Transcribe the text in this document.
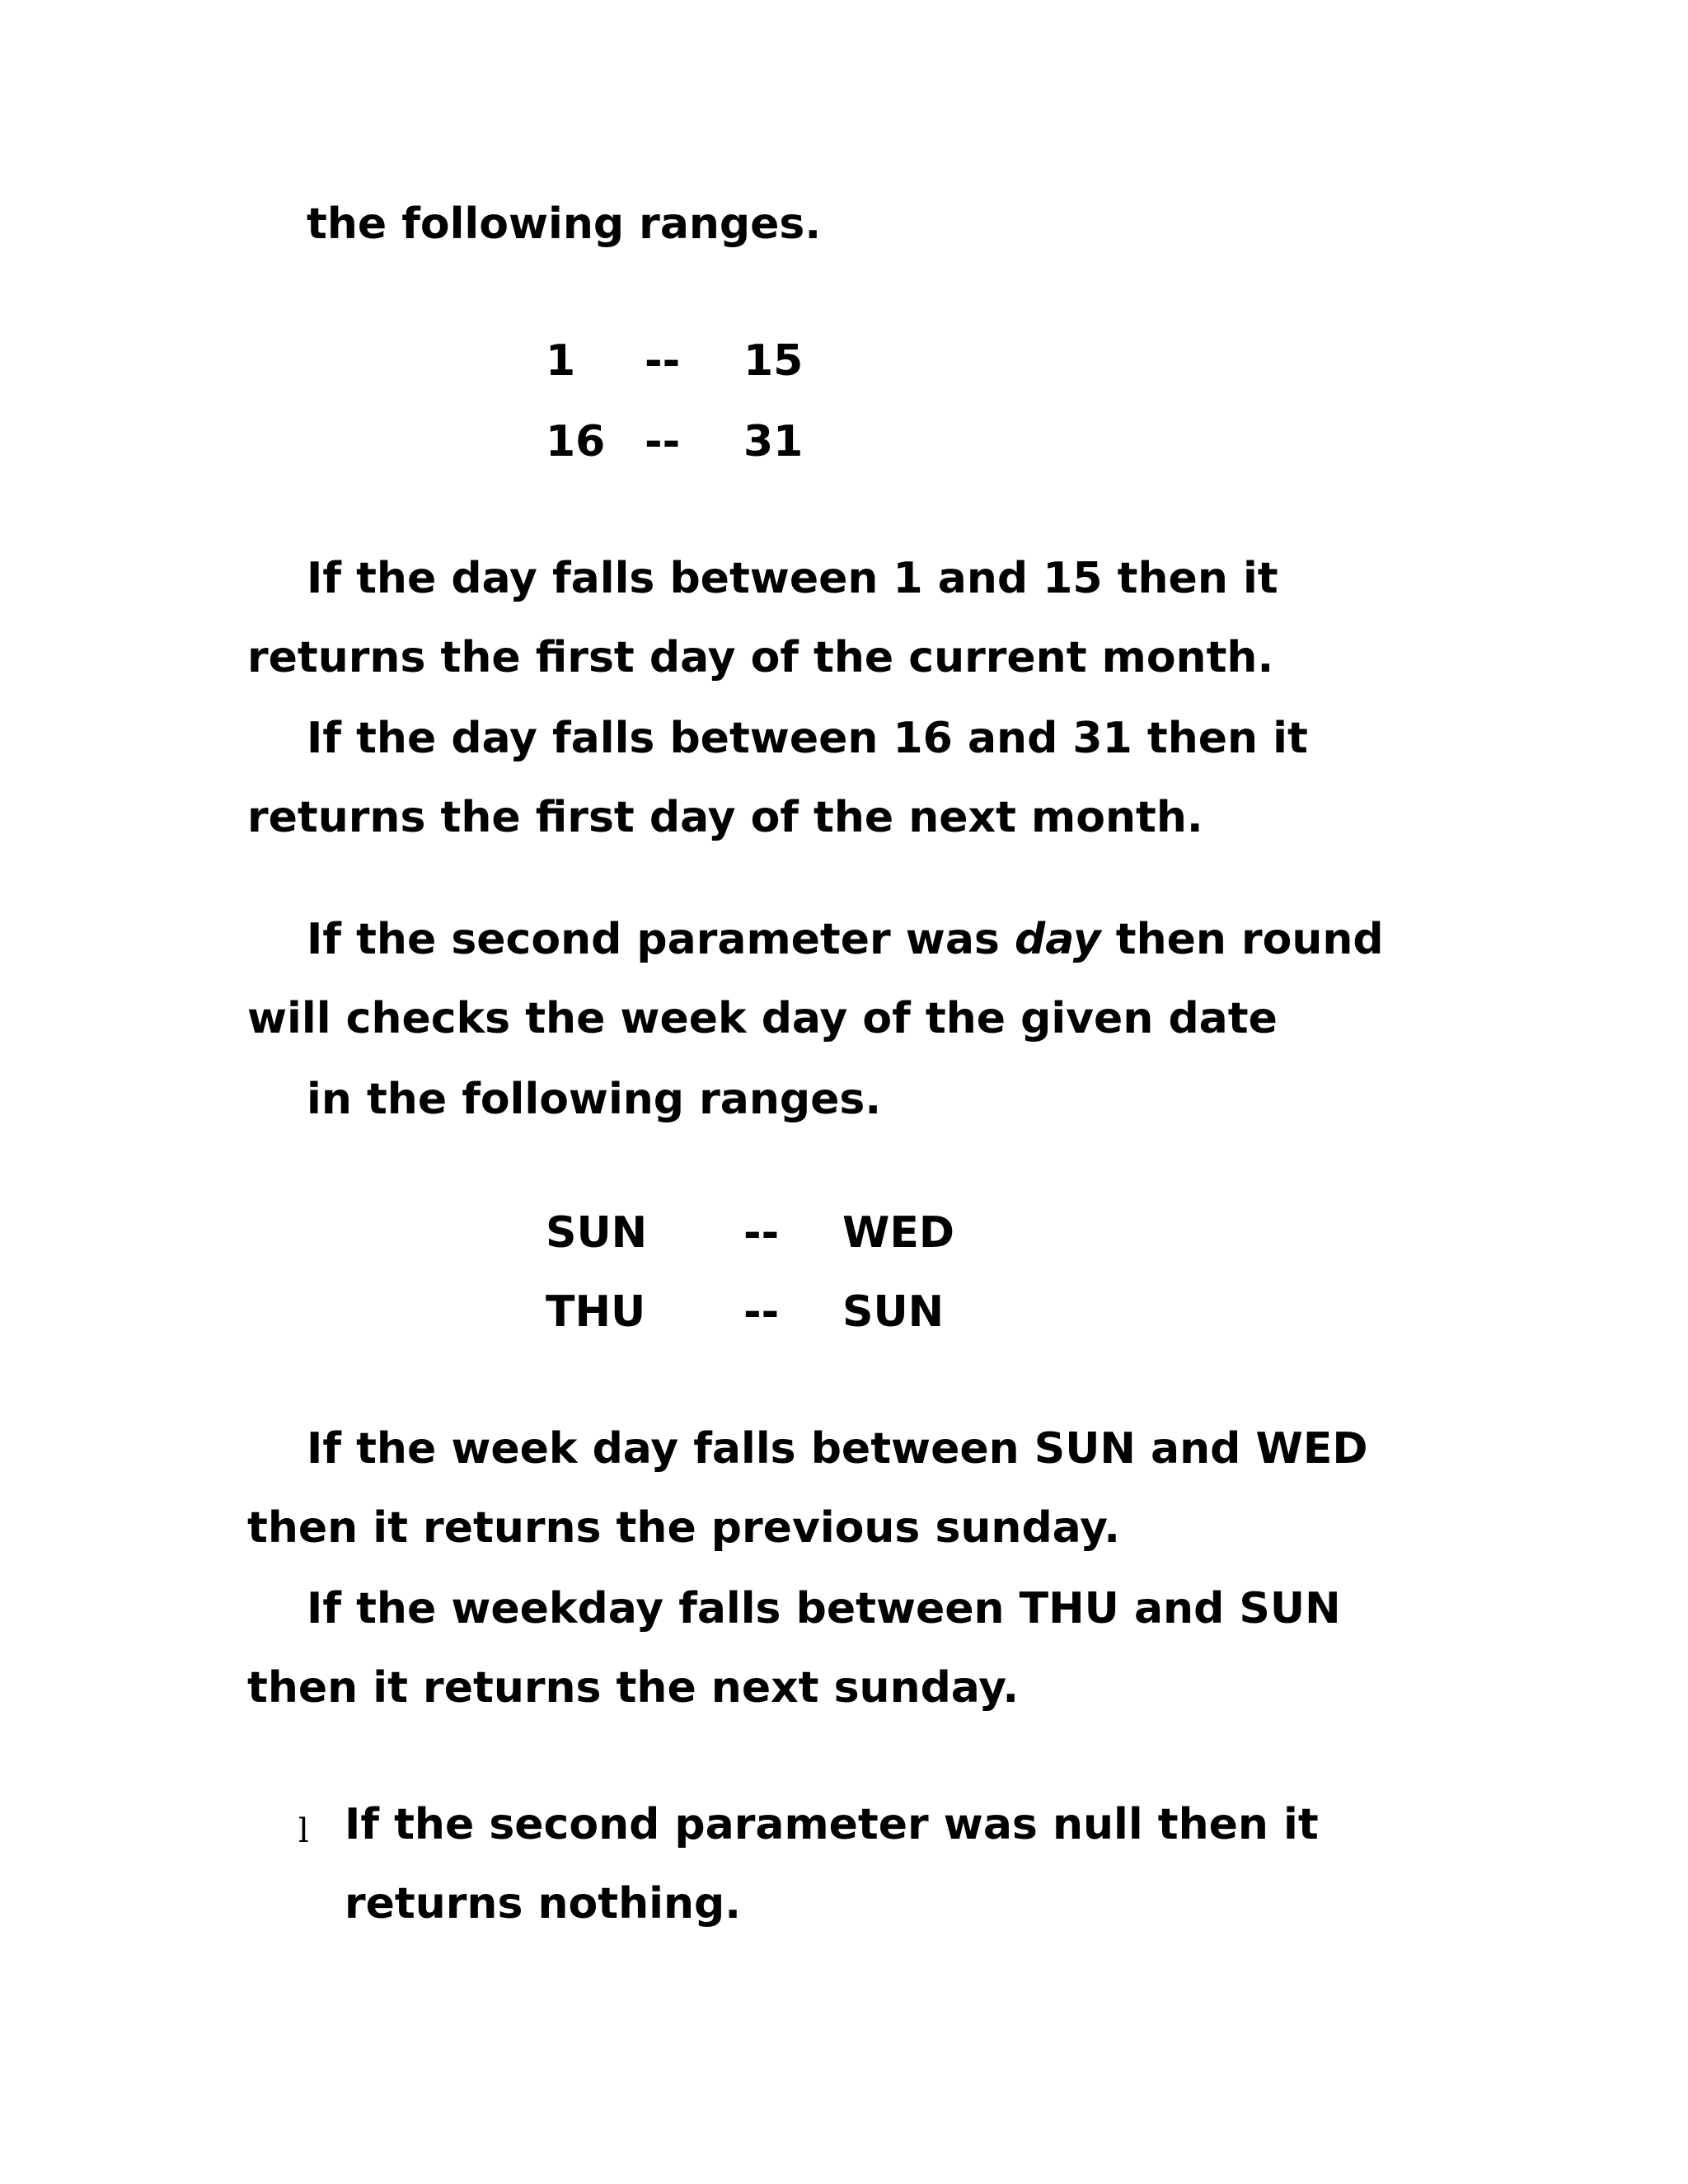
the following ranges.
1 -- 15
16 -- 31
If the day falls between 1 and 15 then it
returns the first day of the current month.
If the day falls between 16 and 31 then it
returns the first day of the next month.
If the second parameter was day then round
will checks the week day of the given date
in the following ranges.
SUN -- WED
THU -- SUN
If the week day falls between SUN and WED
then it returns the previous sunday.
If the weekday falls between THU and SUN
then it returns the next sunday.
l If the second parameter was null then it
returns nothing.
